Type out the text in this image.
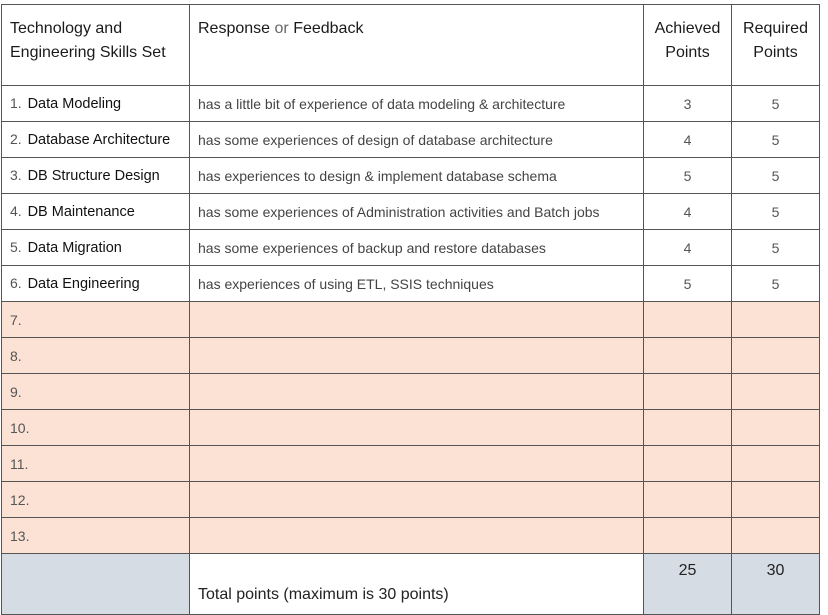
Technology and Engineering Skills Set	Response or Feedback	Achieved Points	Required Points
1. Data Modeling	has a little bit of experience of data modeling & architecture	3	5
2. Database Architecture	has some experiences of design of database architecture	4	5
3. DB Structure Design	has experiences to design & implement database schema	5	5
4. DB Maintenance	has some experiences of Administration activities and Batch jobs	4	5
5. Data Migration	has some experiences of backup and restore databases	4	5
6. Data Engineering	has experiences of using ETL, SSIS techniques	5	5
7.			
8.			
9.			
10.			
11.			
12.			
13.			
	Total points (maximum is 30 points)	25	30
